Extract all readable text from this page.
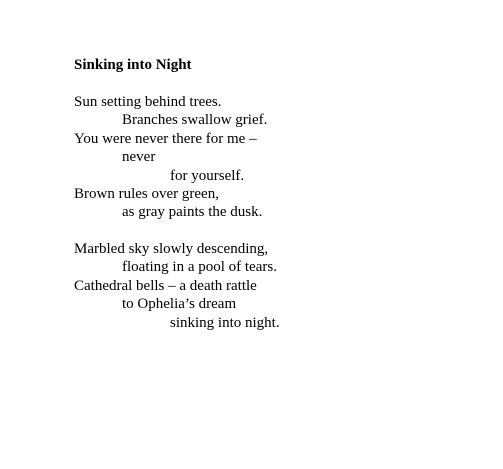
Sinking into Night
Sun setting behind trees.
Branches swallow grief.
You were never there for me –
never
for yourself.
Brown rules over green,
as gray paints the dusk.
Marbled sky slowly descending,
floating in a pool of tears.
Cathedral bells – a death rattle
to Ophelia’s dream
sinking into night.
